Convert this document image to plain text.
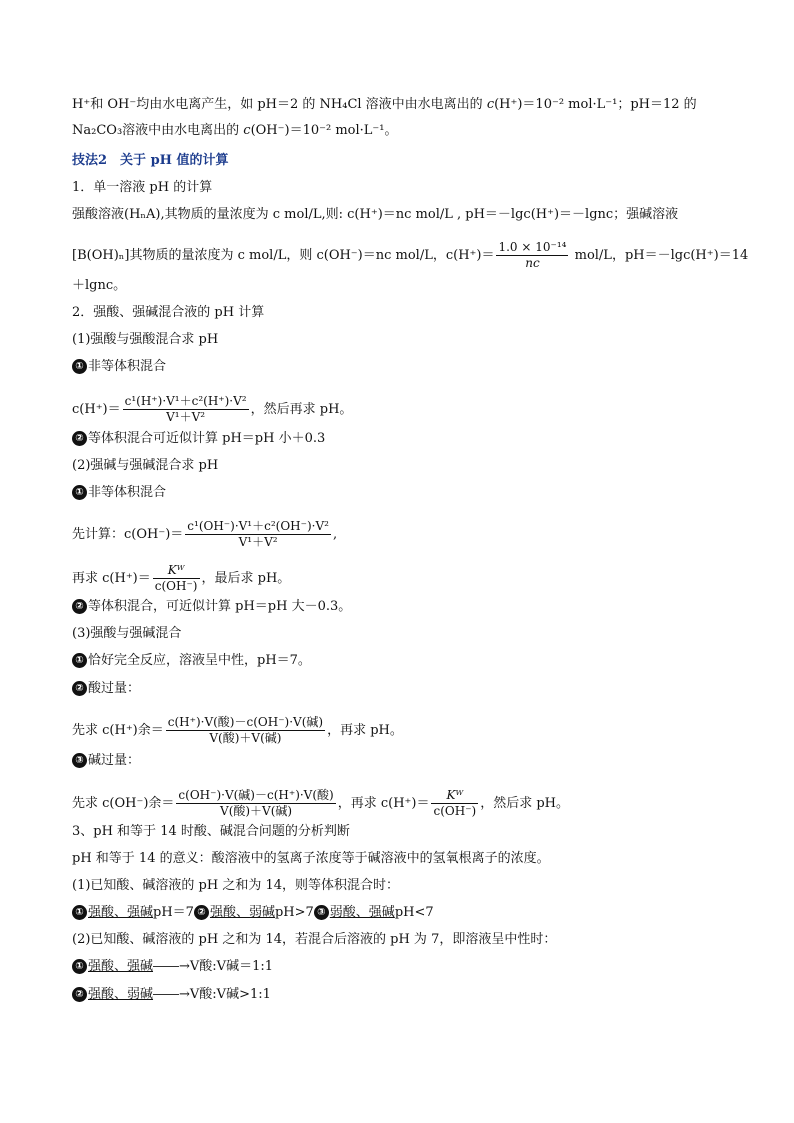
H⁺和 OH⁻均由水电离产生，如 pH＝2 的 NH₄Cl 溶液中由水电离出的 c(H⁺)＝10⁻² mol·L⁻¹；pH＝12 的
Na₂CO₃溶液中由水电离出的 c(OH⁻)＝10⁻² mol·L⁻¹。
技法2　关于 pH 值的计算
1．单一溶液 pH 的计算
强酸溶液(HₙA),其物质的量浓度为 c mol/L,则: c(H⁺)＝nc mol/L , pH＝－lgc(H⁺)＝－lgnc；强碱溶液
[B(OH)ₙ]其物质的量浓度为 c mol/L，则 c(OH⁻)＝nc mol/L，$c(H^+)= \frac{\text{1.0 × 10⁻¹⁴}}{nc} mol/L$，pH＝－lgc(H⁺)＝14
＋lgnc。
2．强酸、强碱混合液的 pH 计算
(1)强酸与强酸混合求 pH
① 非等体积混合
$c(H^+)= \frac{\text{c¹(H⁺)·V¹＋c²(H⁺)·V²}}{\text{V¹＋V²}}$ ，然后再求 pH。
② 等体积混合可近似计算 pH＝pH 小＋0.3
(2)强碱与强碱混合求 pH
① 非等体积混合
先计算：$c(OH^-)= \frac{\text{c¹(OH⁻)·V¹＋c²(OH⁻)·V²}}{\text{V¹＋V²}}$ ,
再求 $c(H^+)= \frac{\text{Kᵂ}}{c(OH^-)}$ ，最后求 pH。
② 等体积混合，可近似计算 pH＝pH 大－0.3。
(3)强酸与强碱混合
① 恰好完全反应，溶液呈中性，pH＝7。
② 酸过量：
先求 c(H⁺)余＝ $\frac{\text{c(H⁺)·V(酸)－c(OH⁻)·V(碱)}}{\text{V(酸)＋V(碱)}}$ ，再求 pH。
③ 碱过量：
先求 c(OH⁻)余＝ $\frac{\text{c(OH⁻)·V(碱)－c(H⁺)·V(酸)}}{\text{V(酸)＋V(碱)}}$ ，再求 $c(H^+)= \frac{\text{Kᵂ}}{c(OH^-)}$ ，然后求 pH。
3、pH 和等于 14 时酸、碱混合问题的分析判断
pH 和等于 14 的意义：酸溶液中的氢离子浓度等于碱溶液中的氢氧根离子的浓度。
(1)已知酸、碱溶液的 pH 之和为 14，则等体积混合时：
① 强酸、强碱pH＝7 ② 强酸、弱碱pH>7 ③ 弱酸、强碱pH<7
(2)已知酸、碱溶液的 pH 之和为 14，若混合后溶液的 pH 为 7，即溶液呈中性时：
① 强酸、强碱――→V酸:V碱＝1:1
② 强酸、弱碱――→V酸:V碱>1:1
